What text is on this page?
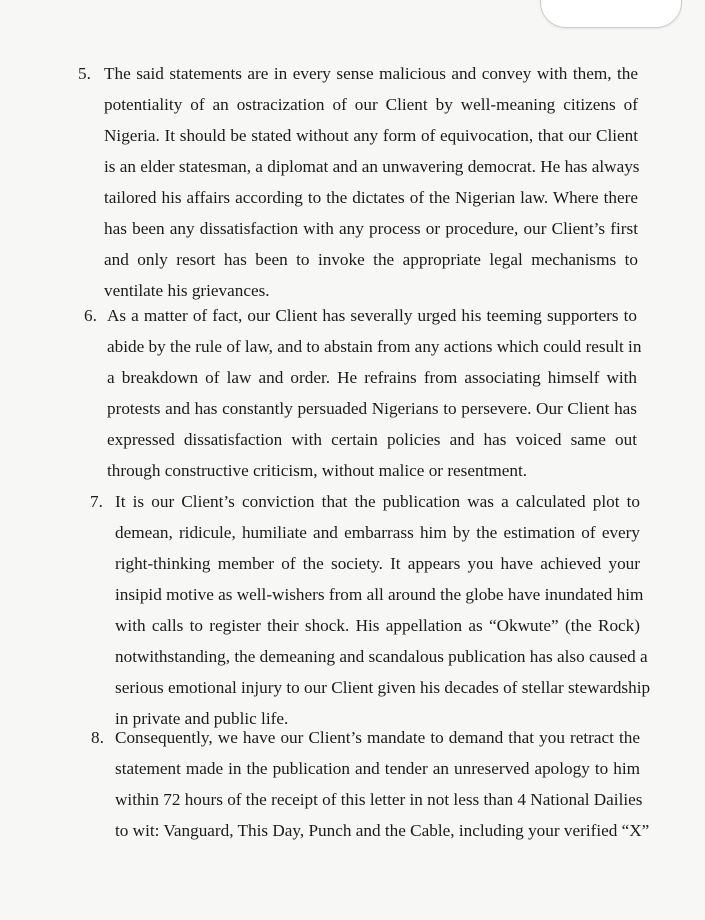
5. The said statements are in every sense malicious and convey with them, the
potentiality of an ostracization of our Client by well-meaning citizens of
Nigeria. It should be stated without any form of equivocation, that our Client
is an elder statesman, a diplomat and an unwavering democrat. He has always
tailored his affairs according to the dictates of the Nigerian law. Where there
has been any dissatisfaction with any process or procedure, our Client’s first
and only resort has been to invoke the appropriate legal mechanisms to
ventilate his grievances.
6. As a matter of fact, our Client has severally urged his teeming supporters to
abide by the rule of law, and to abstain from any actions which could result in
a breakdown of law and order. He refrains from associating himself with
protests and has constantly persuaded Nigerians to persevere. Our Client has
expressed dissatisfaction with certain policies and has voiced same out
through constructive criticism, without malice or resentment.
7. It is our Client’s conviction that the publication was a calculated plot to
demean, ridicule, humiliate and embarrass him by the estimation of every
right-thinking member of the society. It appears you have achieved your
insipid motive as well-wishers from all around the globe have inundated him
with calls to register their shock. His appellation as “Okwute” (the Rock)
notwithstanding, the demeaning and scandalous publication has also caused a
serious emotional injury to our Client given his decades of stellar stewardship
in private and public life.
8. Consequently, we have our Client’s mandate to demand that you retract the
statement made in the publication and tender an unreserved apology to him
within 72 hours of the receipt of this letter in not less than 4 National Dailies
to wit: Vanguard, This Day, Punch and the Cable, including your verified “X”
